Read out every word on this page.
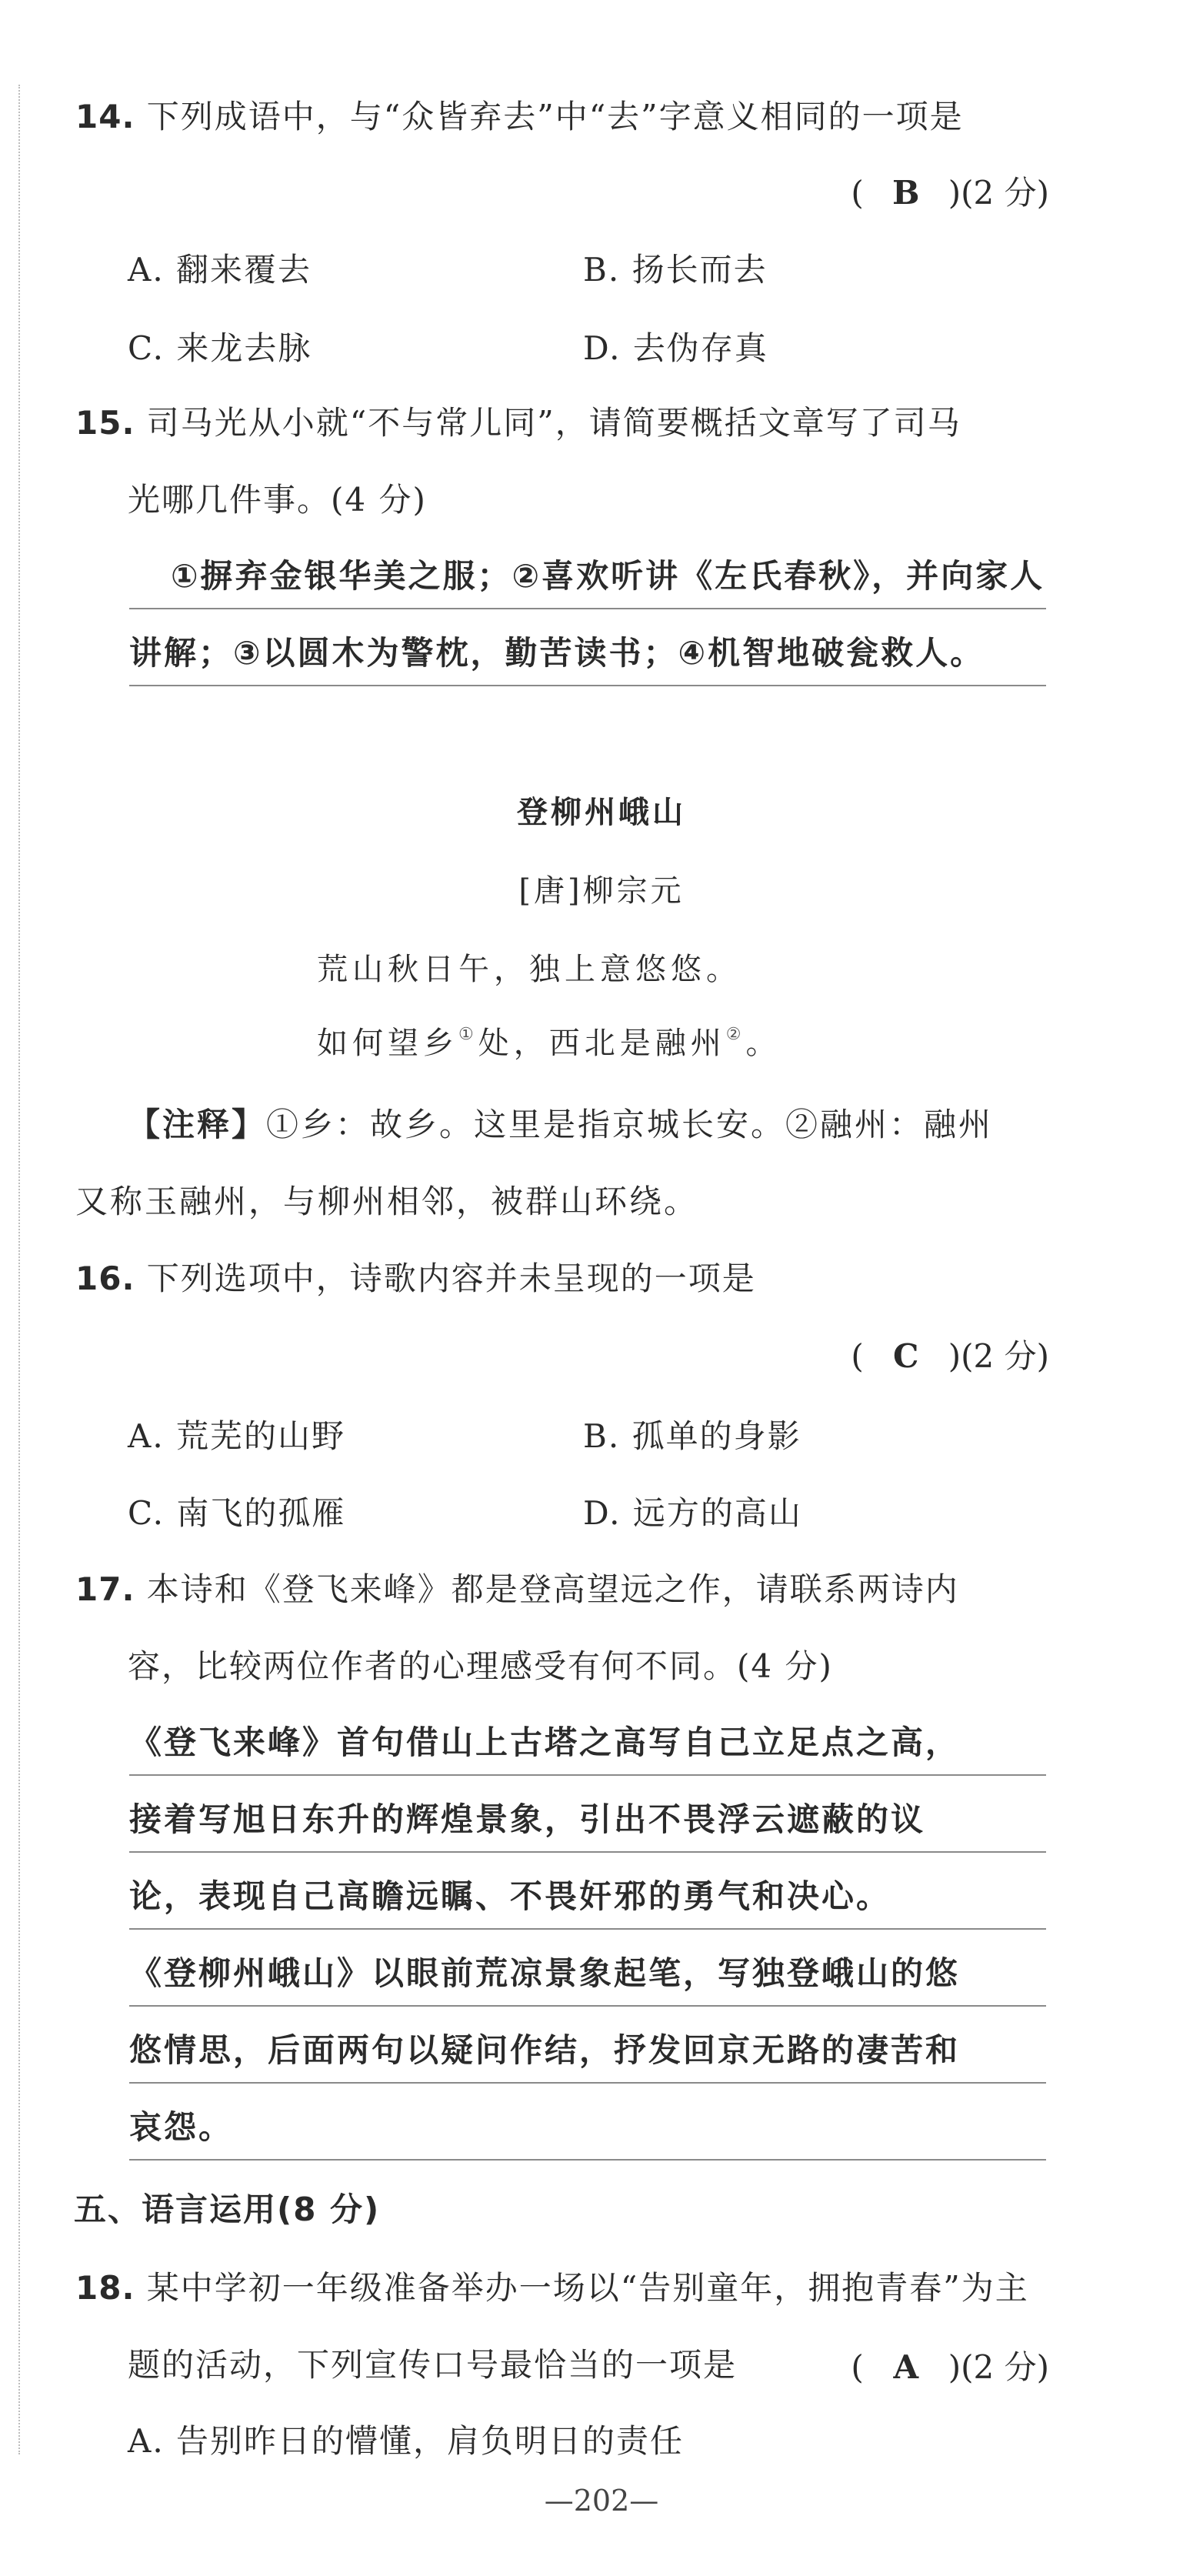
14. 下列成语中，与“众皆弃去”中“去”字意义相同的一项是
( B )(2 分)
A. 翻来覆去	B. 扬长而去
C. 来龙去脉	D. 去伪存真
15. 司马光从小就“不与常儿同”，请简要概括文章写了司马
光哪几件事。(4 分)
①摒弃金银华美之服；②喜欢听讲《左氏春秋》，并向家人
讲解；③以圆木为警枕，勤苦读书；④机智地破瓮救人。
登柳州峨山
[唐]柳宗元
荒山秋日午，独上意悠悠。
如何望乡①处，西北是融州②。
【注释】①乡：故乡。这里是指京城长安。②融州：融州
又称玉融州，与柳州相邻，被群山环绕。
16. 下列选项中，诗歌内容并未呈现的一项是
( C )(2 分)
A. 荒芜的山野	B. 孤单的身影
C. 南飞的孤雁	D. 远方的高山
17. 本诗和《登飞来峰》都是登高望远之作，请联系两诗内
容，比较两位作者的心理感受有何不同。(4 分)
《登飞来峰》首句借山上古塔之高写自己立足点之高，
接着写旭日东升的辉煌景象，引出不畏浮云遮蔽的议
论，表现自己高瞻远瞩、不畏奸邪的勇气和决心。
《登柳州峨山》以眼前荒凉景象起笔，写独登峨山的悠
悠情思，后面两句以疑问作结，抒发回京无路的凄苦和
哀怨。
五、语言运用(8 分)
18. 某中学初一年级准备举办一场以“告别童年，拥抱青春”为主
题的活动，下列宣传口号最恰当的一项是	( A )(2 分)
A. 告别昨日的懵懂，肩负明日的责任
—202—
